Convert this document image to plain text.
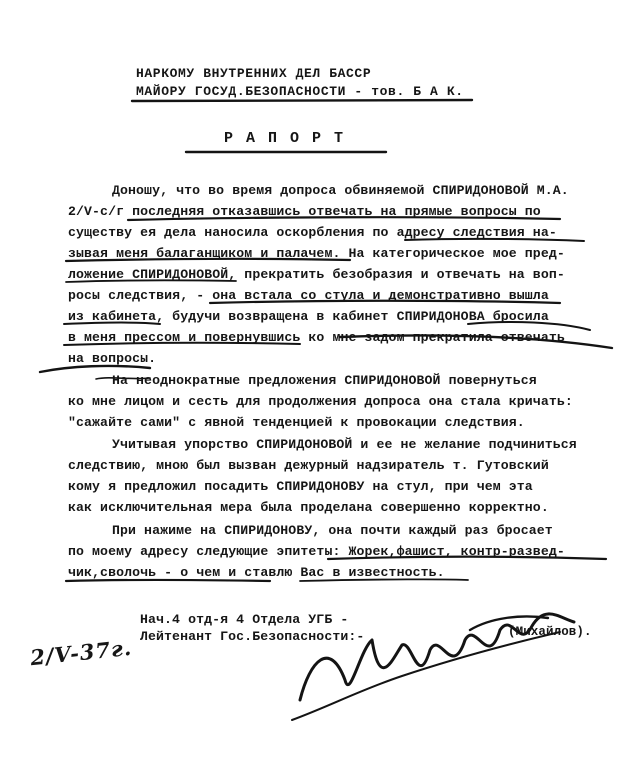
НАРКОМУ ВНУТРЕННИХ ДЕЛ БАССР
МАЙОРУ ГОСУД.БЕЗОПАСНОСТИ - тов. Б А К.
РАПОРТ
Доношу, что во время допроса обвиняемой СПИРИДОНОВОЙ М.А.
2/V-с/г последняя отказавшись отвечать на прямые вопросы по
существу ея дела наносила оскорбления по адресу следствия на-
зывая меня балаганщиком и палачем. На категорическое мое пред-
ложение СПИРИДОНОВОЙ, прекратить безобразия и отвечать на воп-
росы следствия, - она встала со стула и демонстративно вышла
из кабинета, будучи возвращена в кабинет СПИРИДОНОВА бросила
в меня прессом и повернувшись ко мне задом прекратила отвечать
на вопросы.
На неоднократные предложения СПИРИДОНОВОЙ повернуться
ко мне лицом и сесть для продолжения допроса она стала кричать:
"сажайте сами" с явной тенденцией к провокации следствия.
Учитывая упорство СПИРИДОНОВОЙ и ее не желание подчиниться
следствию, мною был вызван дежурный надзиратель т. Гутовский
кому я предложил посадить СПИРИДОНОВУ на стул, при чем эта
как исключительная мера была проделана совершенно корректно.
При нажиме на СПИРИДОНОВУ, она почти каждый раз бросает
по моему адресу следующие эпитеты: Жорек,фашист, контр-развед-
чик,сволочь - о чем и ставлю Вас в известность.
Нач.4 отд-я 4 Отдела УГБ -
Лейтенант Гос.Безопасности:-	(Михайлов).
2/V-37г.
